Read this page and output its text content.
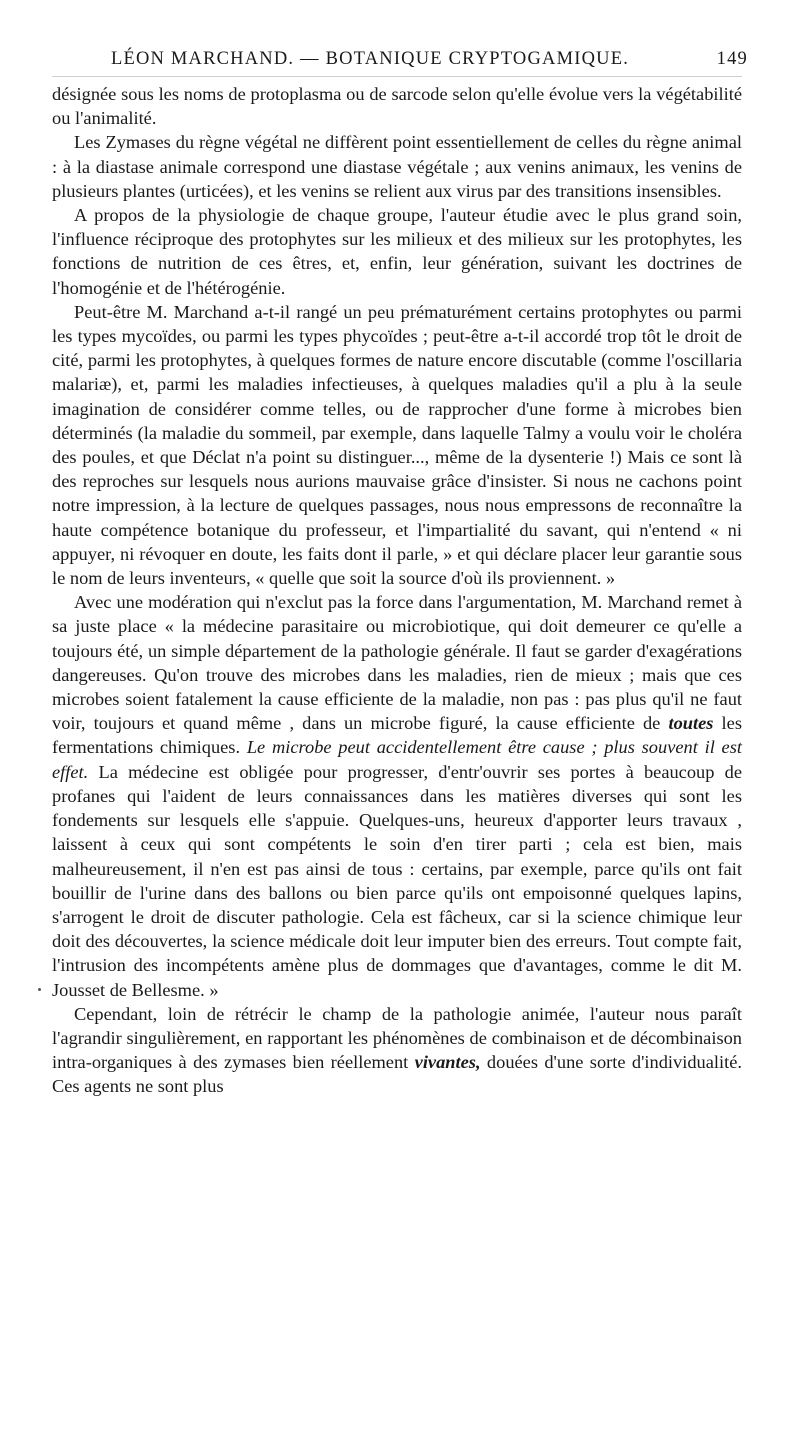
LÉON MARCHAND. — BOTANIQUE CRYPTOGAMIQUE.	149

désignée sous les noms de protoplasma ou de sarcode selon qu'elle évolue vers la végétabilité ou l'animalité.

Les Zymases du règne végétal ne diffèrent point essentiellement de celles du règne animal : à la diastase animale correspond une diastase végétale ; aux venins animaux, les venins de plusieurs plantes (urticées), et les venins se relient aux virus par des transitions insensibles.

A propos de la physiologie de chaque groupe, l'auteur étudie avec le plus grand soin, l'influence réciproque des protophytes sur les milieux et des milieux sur les protophytes, les fonctions de nutrition de ces êtres, et, enfin, leur génération, suivant les doctrines de l'homogénie et de l'hétérogénie.

Peut-être M. Marchand a-t-il rangé un peu prématurément certains protophytes ou parmi les types mycoïdes, ou parmi les types phycoïdes ; peut-être a-t-il accordé trop tôt le droit de cité, parmi les protophytes, à quelques formes de nature encore discutable (comme l'oscillaria malariæ), et, parmi les maladies infectieuses, à quelques maladies qu'il a plu à la seule imagination de considérer comme telles, ou de rapprocher d'une forme à microbes bien déterminés (la maladie du sommeil, par exemple, dans laquelle Talmy a voulu voir le choléra des poules, et que Déclat n'a point su distinguer..., même de la dysenterie !) Mais ce sont là des reproches sur lesquels nous aurions mauvaise grâce d'insister. Si nous ne cachons point notre impression, à la lecture de quelques passages, nous nous empressons de reconnaître la haute compétence botanique du professeur, et l'impartialité du savant, qui n'entend « ni appuyer, ni révoquer en doute, les faits dont il parle, » et qui déclare placer leur garantie sous le nom de leurs inventeurs, « quelle que soit la source d'où ils proviennent. »

Avec une modération qui n'exclut pas la force dans l'argumentation, M. Marchand remet à sa juste place « la médecine parasitaire ou microbiotique, qui doit demeurer ce qu'elle a toujours été, un simple département de la pathologie générale. Il faut se garder d'exagérations dangereuses. Qu'on trouve des microbes dans les maladies, rien de mieux ; mais que ces microbes soient fatalement la cause efficiente de la maladie, non pas : pas plus qu'il ne faut voir, toujours et quand même , dans un microbe figuré, la cause efficiente de toutes les fermentations chimiques. Le microbe peut accidentellement être cause ; plus souvent il est effet. La médecine est obligée pour progresser, d'entr'ouvrir ses portes à beaucoup de profanes qui l'aident de leurs connaissances dans les matières diverses qui sont les fondements sur lesquels elle s'appuie. Quelques-uns, heureux d'apporter leurs travaux , laissent à ceux qui sont compétents le soin d'en tirer parti ; cela est bien, mais malheureusement, il n'en est pas ainsi de tous : certains, par exemple, parce qu'ils ont fait bouillir de l'urine dans des ballons ou bien parce qu'ils ont empoisonné quelques lapins, s'arrogent le droit de discuter pathologie. Cela est fâcheux, car si la science chimique leur doit des découvertes, la science médicale doit leur imputer bien des erreurs. Tout compte fait, l'intrusion des incompétents amène plus de dommages que d'avantages, comme le dit M. Jousset de Bellesme. »

Cependant, loin de rétrécir le champ de la pathologie animée, l'auteur nous paraît l'agrandir singulièrement, en rapportant les phénomènes de combinaison et de décombinaison intra-organiques à des zymases bien réellement vivantes, douées d'une sorte d'individualité. Ces agents ne sont plus
